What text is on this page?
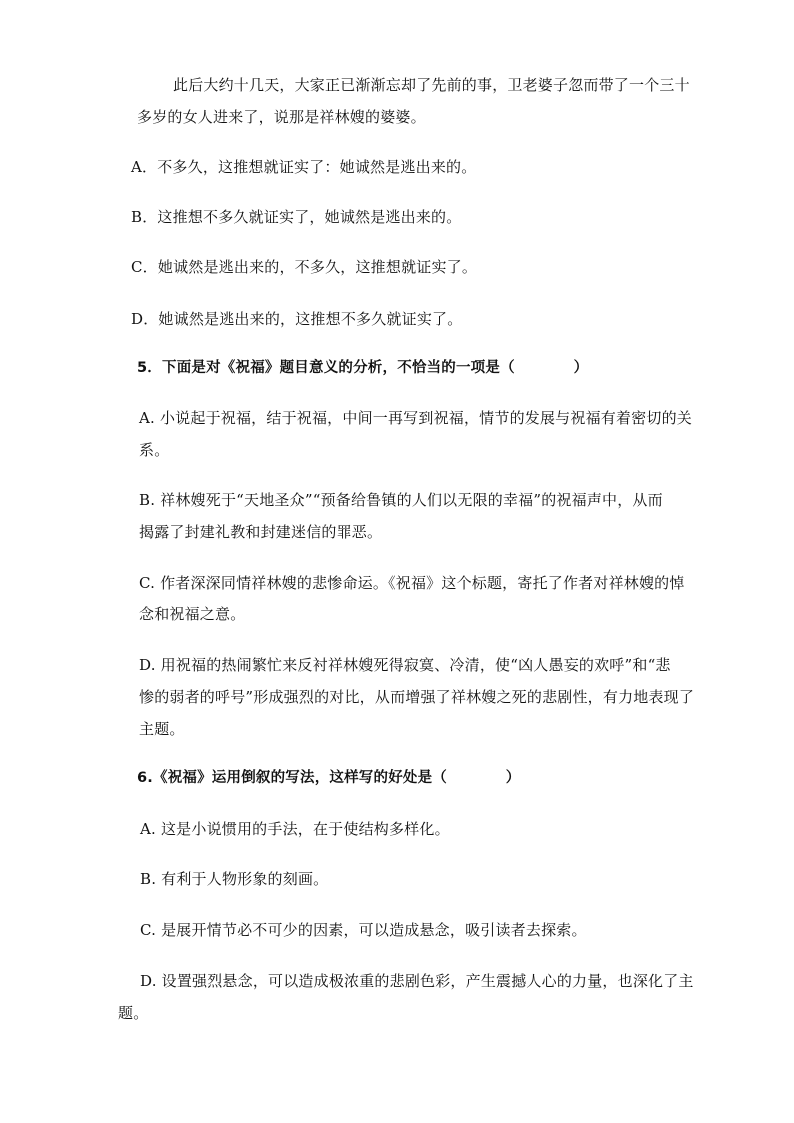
此后大约十几天，大家正已渐渐忘却了先前的事，卫老婆子忽而带了一个三十
多岁的女人进来了，说那是祥林嫂的婆婆。
A．不多久，这推想就证实了：她诚然是逃出来的。
B．这推想不多久就证实了，她诚然是逃出来的。
C．她诚然是逃出来的，不多久，这推想就证实了。
D．她诚然是逃出来的，这推想不多久就证实了。
5．下面是对《祝福》题目意义的分析，不恰当的一项是（　　　　）
A. 小说起于祝福，结于祝福，中间一再写到祝福，情节的发展与祝福有着密切的关
系。
B. 祥林嫂死于“天地圣众”“预备给鲁镇的人们以无限的幸福”的祝福声中，从而
揭露了封建礼教和封建迷信的罪恶。
C. 作者深深同情祥林嫂的悲惨命运。《祝福》这个标题，寄托了作者对祥林嫂的悼
念和祝福之意。
D. 用祝福的热闹繁忙来反衬祥林嫂死得寂寞、冷清，使“凶人愚妄的欢呼”和“悲
惨的弱者的呼号”形成强烈的对比，从而增强了祥林嫂之死的悲剧性，有力地表现了
主题。
6.《祝福》运用倒叙的写法，这样写的好处是（　　　　）
A. 这是小说惯用的手法，在于使结构多样化。
B. 有利于人物形象的刻画。
C. 是展开情节必不可少的因素，可以造成悬念，吸引读者去探索。
D. 设置强烈悬念，可以造成极浓重的悲剧色彩，产生震撼人心的力量，也深化了主
题。
